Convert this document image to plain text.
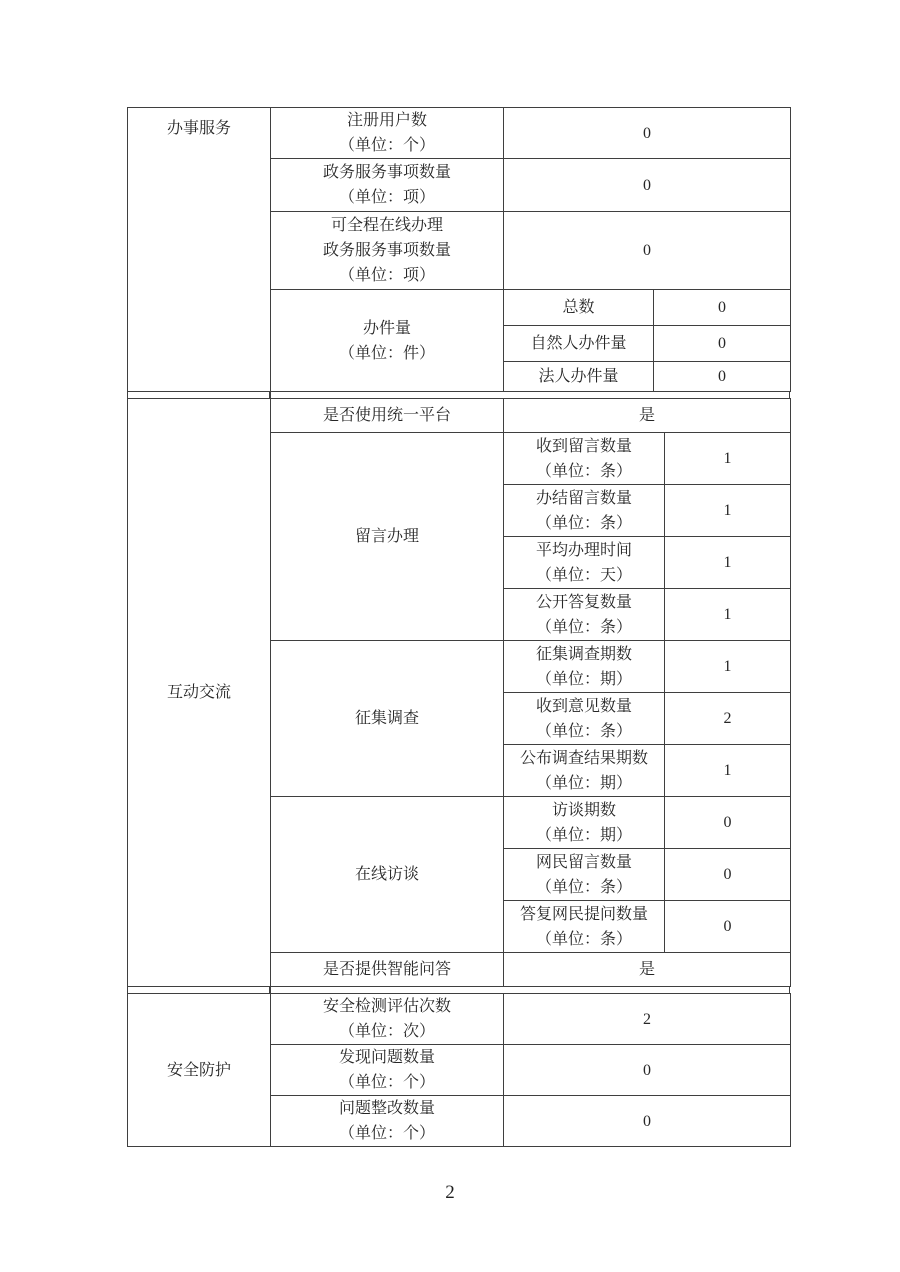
办事服务	注册用户数
（单位：个）	0	

	政务服务事项数量
（单位：项）	0	

	可全程在线办理
政务服务事项数量
（单位：项）	0	

	办件量
（单位：件）	总数	0

		自然人办件量	0

		法人办件量	0
互动交流	是否使用统一平台	是	

	留言办理	收到留言数量
（单位：条）	1

		办结留言数量
（单位：条）	1

		平均办理时间
（单位：天）	1

		公开答复数量
（单位：条）	1

	征集调查	征集调查期数
（单位：期）	1

		收到意见数量
（单位：条）	2

		公布调查结果期数
（单位：期）	1

	在线访谈	访谈期数
（单位：期）	0

		网民留言数量
（单位：条）	0

		答复网民提问数量
（单位：条）	0

	是否提供智能问答	是	
安全防护	安全检测评估次数
（单位：次）	2

	发现问题数量
（单位：个）	0

	问题整改数量
（单位：个）	0
2
